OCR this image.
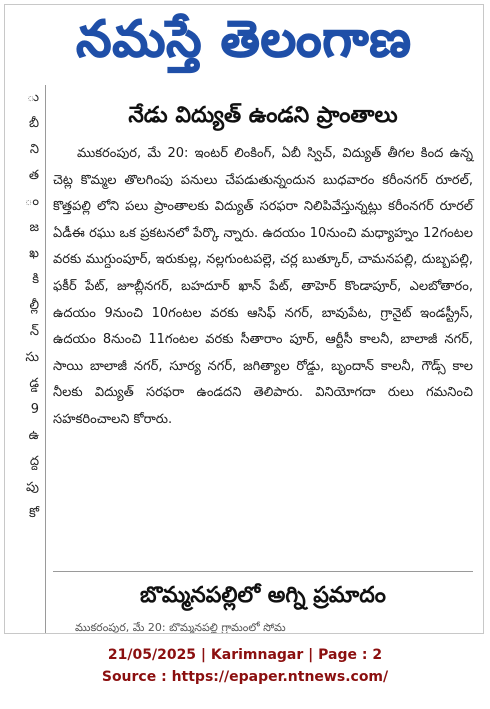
నమస్తే తెలంగాణ
ు
బీ
ని
త
ం
జ
ఖ
కి
ల్లీ
న్
సు
డ్డ
9
ఉ
ద్ద
పు
కో
నేడు విద్యుత్ ఉండని ప్రాంతాలు
ముకరంపుర, మే 20: ఇంటర్ లింకింగ్, ఏబీ స్విచ్, విద్యుత్ తీగల కింద ఉన్న చెట్ల కొమ్మల తొలగింపు పనులు చేపడుతున్నందున బుధవారం కరీంనగర్ రూరల్, కొత్తపల్లి లోని పలు ప్రాంతాలకు విద్యుత్ సరఫరా నిలిపివేస్తున్నట్లు కరీంనగర్ రూరల్ ఏడీఈ రఘు ఒక ప్రకటనలో పేర్కొ న్నారు. ఉదయం 10నుంచి మధ్యాహ్నం 12గంటల వరకు ముగ్దుంపూర్, ఇరుకుల్ల, నల్లగుంటపల్లె, చర్ల బుత్కూర్, చామనపల్లి, దుబ్బపల్లి, ఫకీర్ పేట్, జూబ్లీనగర్, బహదూర్ ఖాన్ పేట్, తాహెర్ కొండాపూర్, ఎలబోతారం, ఉదయం 9నుంచి 10గంటల వరకు ఆసిఫ్ నగర్, బావుపేట, గ్రానైట్ ఇండస్ట్రీస్, ఉదయం 8నుంచి 11గంటల వరకు సీతారాం పూర్, ఆర్టీసీ కాలనీ, బాలాజీ నగర్, సాయి బాలాజీ నగర్, సూర్య నగర్, జగిత్యాల రోడ్డు, బృందాన్ కాలనీ, గౌడ్స్ కాల నీలకు విద్యుత్ సరఫరా ఉండదని తెలిపారు. వినియోగదా రులు గమనించి సహకరించాలని కోరారు.
బొమ్మనపల్లిలో అగ్ని ప్రమాదం
ముకరంపుర, మే 20: బొమ్మనపల్లి గ్రామంలో సోమ
21/05/2025 | Karimnagar | Page : 2
Source : https://epaper.ntnews.com/
